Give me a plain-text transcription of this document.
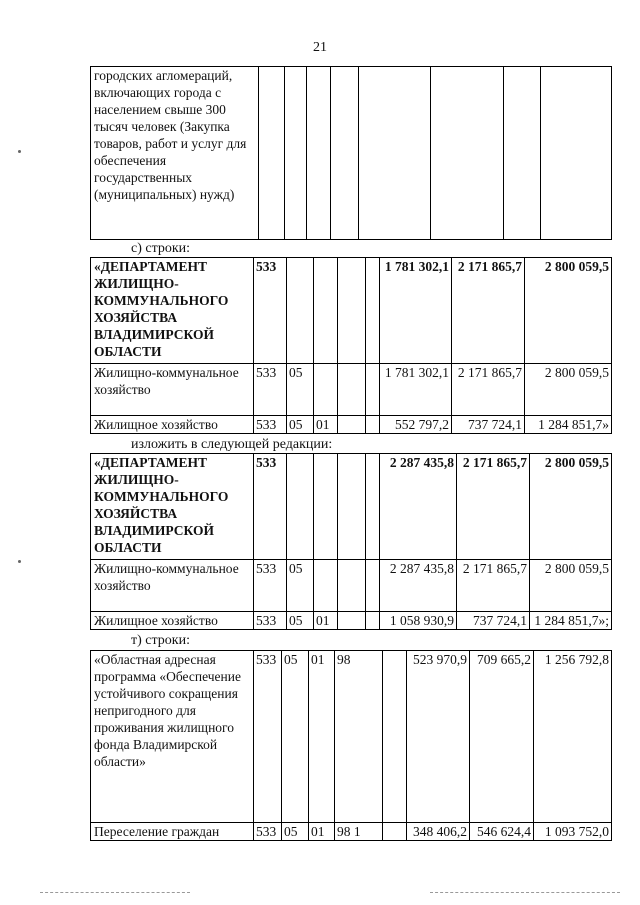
21
городских агломераций, включающих города с населением свыше 300 тысяч человек (Закупка товаров, работ и услуг для обеспечения государственных (муниципальных) нужд)								
с) строки:
«ДЕПАРТАМЕНТ ЖИЛИЩНО-КОММУНАЛЬНОГО ХОЗЯЙСТВА ВЛАДИМИРСКОЙ ОБЛАСТИ	533					1 781 302,1	2 171 865,7	2 800 059,5
Жилищно-коммунальное хозяйство	533	05				1 781 302,1	2 171 865,7	2 800 059,5
Жилищное хозяйство	533	05	01			552 797,2	737 724,1	1 284 851,7»
изложить в следующей редакции:
«ДЕПАРТАМЕНТ ЖИЛИЩНО-КОММУНАЛЬНОГО ХОЗЯЙСТВА ВЛАДИМИРСКОЙ ОБЛАСТИ	533					2 287 435,8	2 171 865,7	2 800 059,5
Жилищно-коммунальное хозяйство	533	05				2 287 435,8	2 171 865,7	2 800 059,5
Жилищное хозяйство	533	05	01			1 058 930,9	737 724,1	1 284 851,7»;
т) строки:
«Областная адресная программа «Обеспечение устойчивого сокращения непригодного для проживания жилищного фонда Владимирской области»	533	05	01	98		523 970,9	709 665,2	1 256 792,8
Переселение граждан	533	05	01	98 1		348 406,2	546 624,4	1 093 752,0
